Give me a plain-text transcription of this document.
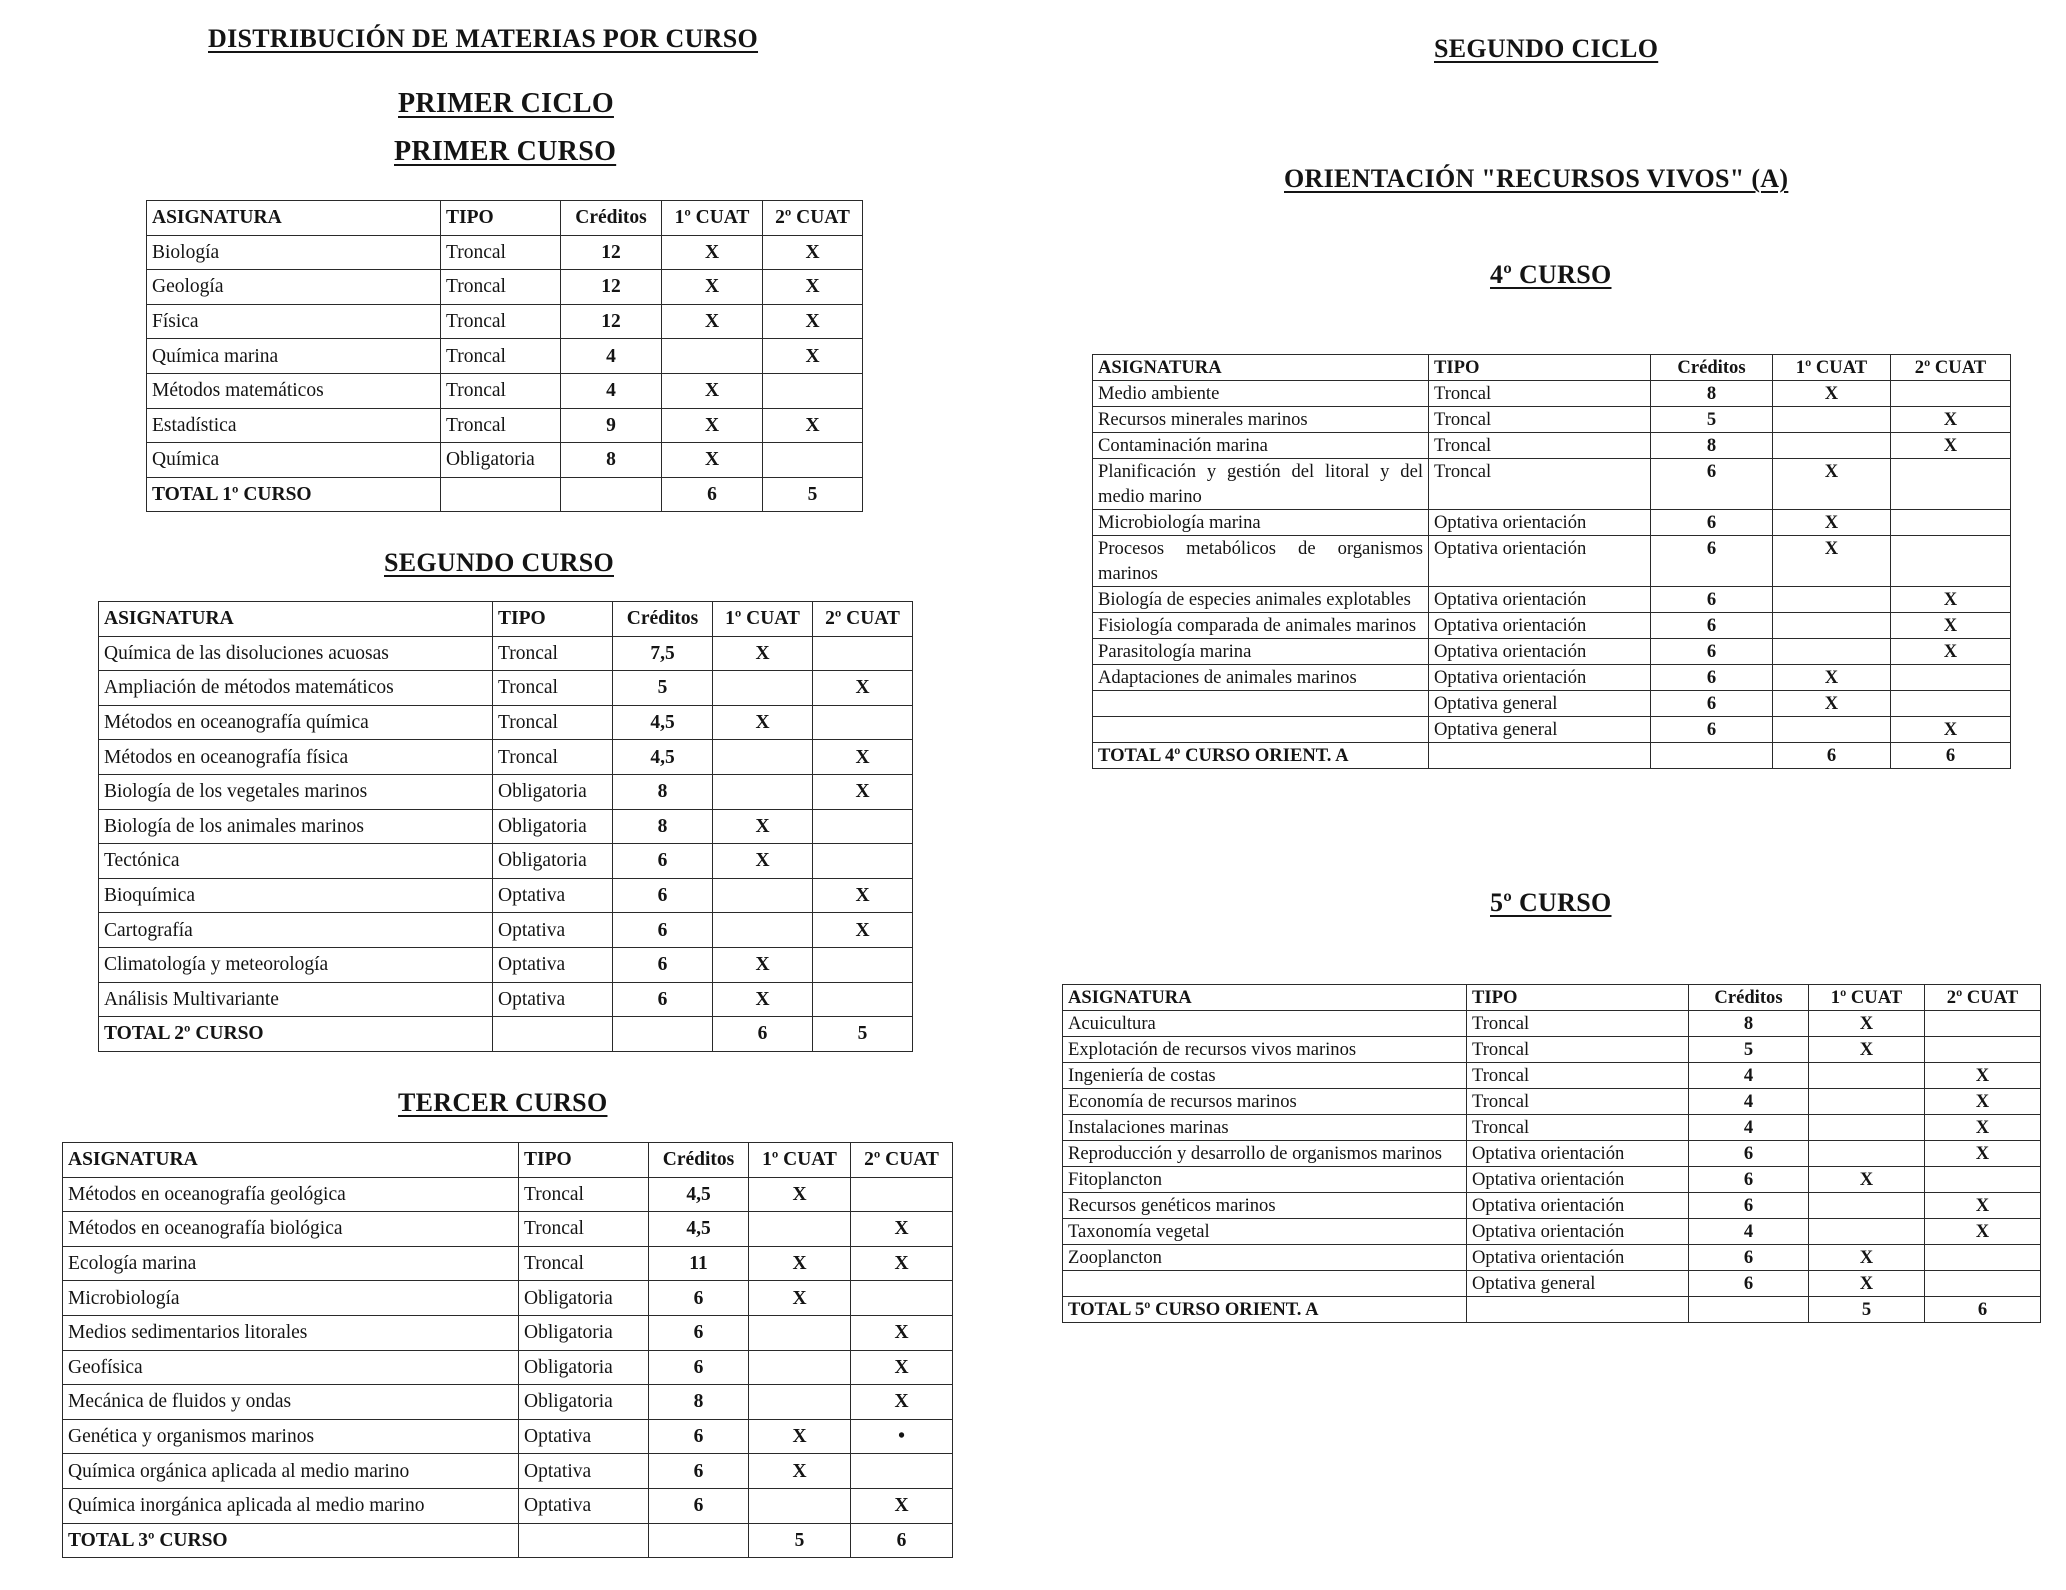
DISTRIBUCIÓN DE MATERIAS POR CURSO
PRIMER CICLO
PRIMER CURSO
ASIGNATURA	TIPO	Créditos	1º CUAT	2º CUAT
Biología	Troncal	12	X	X
Geología	Troncal	12	X	X
Física	Troncal	12	X	X
Química marina	Troncal	4		X
Métodos matemáticos	Troncal	4	X	
Estadística	Troncal	9	X	X
Química	Obligatoria	8	X	
TOTAL 1º CURSO			6	5
SEGUNDO CURSO
ASIGNATURA	TIPO	Créditos	1º CUAT	2º CUAT
Química de las disoluciones acuosas	Troncal	7,5	X	
Ampliación de métodos matemáticos	Troncal	5		X
Métodos en oceanografía química	Troncal	4,5	X	
Métodos en oceanografía física	Troncal	4,5		X
Biología de los vegetales marinos	Obligatoria	8		X
Biología de los animales marinos	Obligatoria	8	X	
Tectónica	Obligatoria	6	X	
Bioquímica	Optativa	6		X
Cartografía	Optativa	6		X
Climatología y meteorología	Optativa	6	X	
Análisis Multivariante	Optativa	6	X	
TOTAL 2º CURSO			6	5
TERCER CURSO
ASIGNATURA	TIPO	Créditos	1º CUAT	2º CUAT
Métodos en oceanografía geológica	Troncal	4,5	X	
Métodos en oceanografía biológica	Troncal	4,5		X
Ecología marina	Troncal	11	X	X
Microbiología	Obligatoria	6	X	
Medios sedimentarios litorales	Obligatoria	6		X
Geofísica	Obligatoria	6		X
Mecánica de fluidos y ondas	Obligatoria	8		X
Genética y organismos marinos	Optativa	6	X	•
Química orgánica aplicada al medio marino	Optativa	6	X	
Química inorgánica aplicada al medio marino	Optativa	6		X
TOTAL 3º CURSO			5	6
SEGUNDO CICLO
ORIENTACIÓN "RECURSOS VIVOS" (A)
4º CURSO
ASIGNATURA	TIPO	Créditos	1º CUAT	2º CUAT
Medio ambiente	Troncal	8	X	
Recursos minerales marinos	Troncal	5		X
Contaminación marina	Troncal	8		X
Planificación y gestión del litoral y del medio marino	Troncal	6	X	
Microbiología marina	Optativa orientación	6	X	
Procesos metabólicos de organismos marinos	Optativa orientación	6	X	
Biología de especies animales explotables	Optativa orientación	6		X
Fisiología comparada de animales marinos	Optativa orientación	6		X
Parasitología marina	Optativa orientación	6		X
Adaptaciones de animales marinos	Optativa orientación	6	X	
	Optativa general	6	X	
	Optativa general	6		X
TOTAL 4º CURSO ORIENT. A			6	6
5º CURSO
ASIGNATURA	TIPO	Créditos	1º CUAT	2º CUAT
Acuicultura	Troncal	8	X	
Explotación de recursos vivos marinos	Troncal	5	X	
Ingeniería de costas	Troncal	4		X
Economía de recursos marinos	Troncal	4		X
Instalaciones marinas	Troncal	4		X
Reproducción y desarrollo de organismos marinos	Optativa orientación	6		X
Fitoplancton	Optativa orientación	6	X	
Recursos genéticos marinos	Optativa orientación	6		X
Taxonomía vegetal	Optativa orientación	4		X
Zooplancton	Optativa orientación	6	X	
	Optativa general	6	X	
TOTAL 5º CURSO ORIENT. A			5	6
